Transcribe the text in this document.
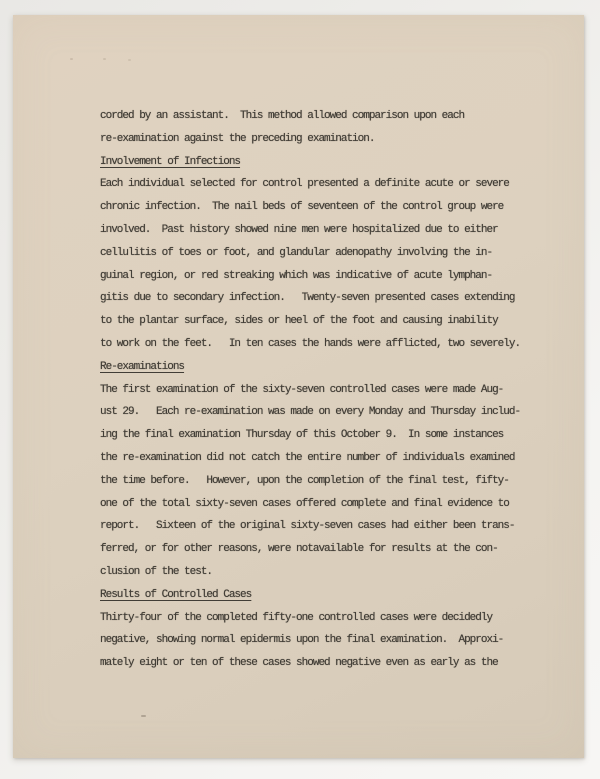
corded by an assistant.  This method allowed comparison upon each
re-examination against the preceding examination.
Involvement of Infections
Each individual selected for control presented a definite acute or severe
chronic infection.  The nail beds of seventeen of the control group were
involved.  Past history showed nine men were hospitalized due to either
cellulitis of toes or foot, and glandular adenopathy involving the in-
guinal region, or red streaking which was indicative of acute lymphan-
gitis due to secondary infection.   Twenty-seven presented cases extending
to the plantar surface, sides or heel of the foot and causing inability
to work on the feet.   In ten cases the hands were afflicted, two severely.
Re-examinations
The first examination of the sixty-seven controlled cases were made Aug-
ust 29.   Each re-examination was made on every Monday and Thursday includ-
ing the final examination Thursday of this October 9.  In some instances
the re-examination did not catch the entire number of individuals examined
the time before.   However, upon the completion of the final test, fifty-
one of the total sixty-seven cases offered complete and final evidence to
report.   Sixteen of the original sixty-seven cases had either been trans-
ferred, or for other reasons, were notavailable for results at the con-
clusion of the test.
Results of Controlled Cases
Thirty-four of the completed fifty-one controlled cases were decidedly
negative, showing normal epidermis upon the final examination.  Approxi-
mately eight or ten of these cases showed negative even as early as the
